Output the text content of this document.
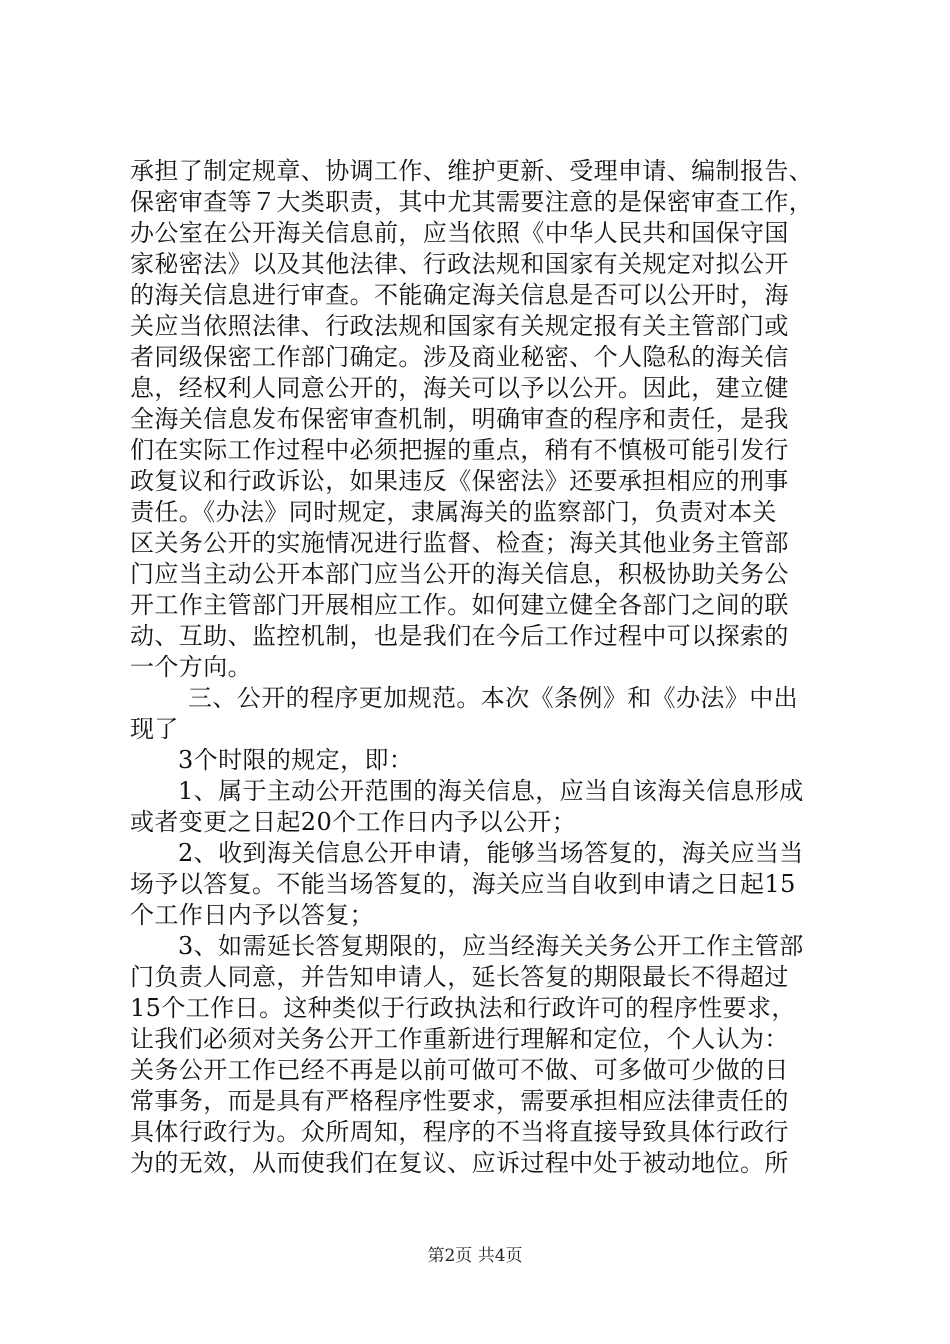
承担了制定规章、协调工作、维护更新、受理申请、编制报告、
保密审查等７大类职责，其中尤其需要注意的是保密审查工作，
办公室在公开海关信息前，应当依照《中华人民共和国保守国
家秘密法》以及其他法律、行政法规和国家有关规定对拟公开
的海关信息进行审查。不能确定海关信息是否可以公开时，海
关应当依照法律、行政法规和国家有关规定报有关主管部门或
者同级保密工作部门确定。涉及商业秘密、个人隐私的海关信
息，经权利人同意公开的，海关可以予以公开。因此，建立健
全海关信息发布保密审查机制，明确审查的程序和责任，是我
们在实际工作过程中必须把握的重点，稍有不慎极可能引发行
政复议和行政诉讼，如果违反《保密法》还要承担相应的刑事
责任。《办法》同时规定，隶属海关的监察部门，负责对本关
区关务公开的实施情况进行监督、检查；海关其他业务主管部
门应当主动公开本部门应当公开的海关信息，积极协助关务公
开工作主管部门开展相应工作。如何建立健全各部门之间的联
动、互助、监控机制，也是我们在今后工作过程中可以探索的
一个方向。
三、公开的程序更加规范。本次《条例》和《办法》中出
现了
3个时限的规定，即：
1、属于主动公开范围的海关信息，应当自该海关信息形成
或者变更之日起20个工作日内予以公开；
2、收到海关信息公开申请，能够当场答复的，海关应当当
场予以答复。不能当场答复的，海关应当自收到申请之日起15
个工作日内予以答复；
3、如需延长答复期限的，应当经海关关务公开工作主管部
门负责人同意，并告知申请人，延长答复的期限最长不得超过
15个工作日。这种类似于行政执法和行政许可的程序性要求，
让我们必须对关务公开工作重新进行理解和定位，个人认为：
关务公开工作已经不再是以前可做可不做、可多做可少做的日
常事务，而是具有严格程序性要求，需要承担相应法律责任的
具体行政行为。众所周知，程序的不当将直接导致具体行政行
为的无效，从而使我们在复议、应诉过程中处于被动地位。所
第2页 共4页
